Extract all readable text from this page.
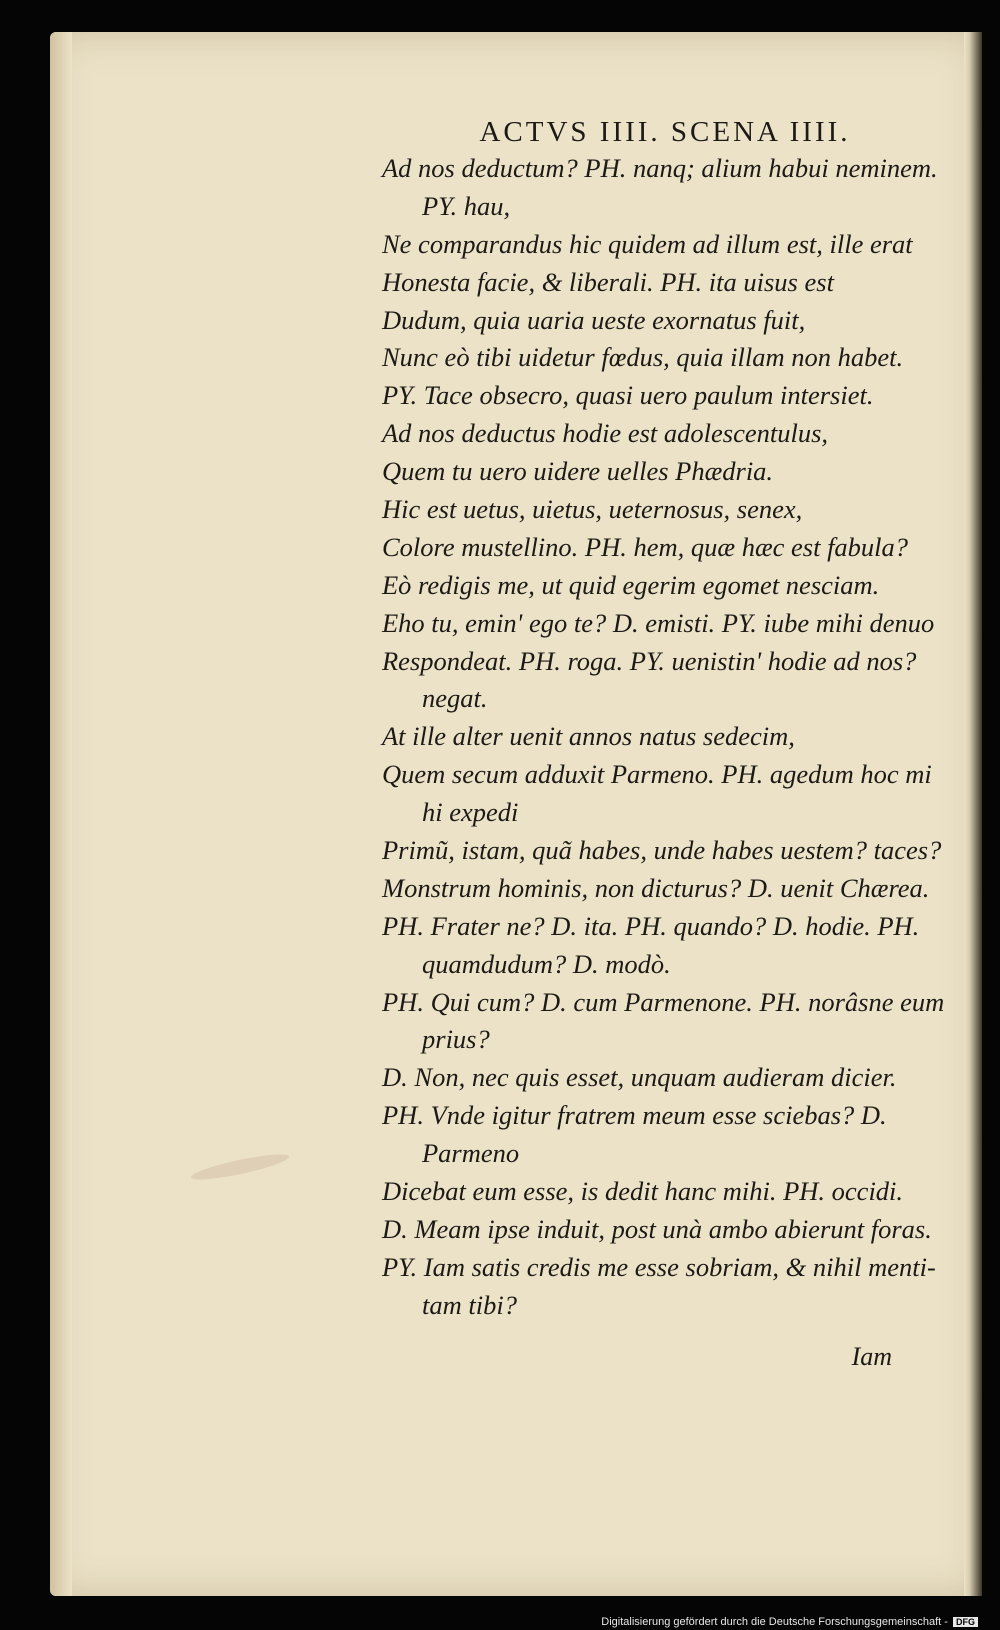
ACTVS IIII. SCENA IIII.
Ad nos deductum? PH. nanq; alium habui neminem.
PY. hau,
Ne comparandus hic quidem ad illum est, ille erat
Honesta facie, & liberali. PH. ita uisus est
Dudum, quia uaria ueste exornatus fuit,
Nunc eò tibi uidetur fœdus, quia illam non habet.
PY. Tace obsecro, quasi uero paulum intersiet.
Ad nos deductus hodie est adolescentulus,
Quem tu uero uidere uelles Phædria.
Hic est uetus, uietus, ueternosus, senex,
Colore mustellino. PH. hem, quæ hæc est fabula?
Eò redigis me, ut quid egerim egomet nesciam.
Eho tu, emin' ego te? D. emisti. PY. iube mihi denuo
Respondeat. PH. roga. PY. uenistin' hodie ad nos?
negat.
At ille alter uenit annos natus sedecim,
Quem secum adduxit Parmeno. PH. agedum hoc mi
hi expedi
Primũ, istam, quã habes, unde habes uestem? taces?
Monstrum hominis, non dicturus? D. uenit Chærea.
PH. Frater ne? D. ita. PH. quando? D. hodie. PH.
quamdudum? D. modò.
PH. Qui cum? D. cum Parmenone. PH. norâsne eum
prius?
D. Non, nec quis esset, unquam audieram dicier.
PH. Vnde igitur fratrem meum esse sciebas? D.
Parmeno
Dicebat eum esse, is dedit hanc mihi. PH. occidi.
D. Meam ipse induit, post unà ambo abierunt foras.
PY. Iam satis credis me esse sobriam, & nihil menti-
tam tibi?
Iam
Digitalisierung gefördert durch die Deutsche Forschungsgemeinschaft - DFG
